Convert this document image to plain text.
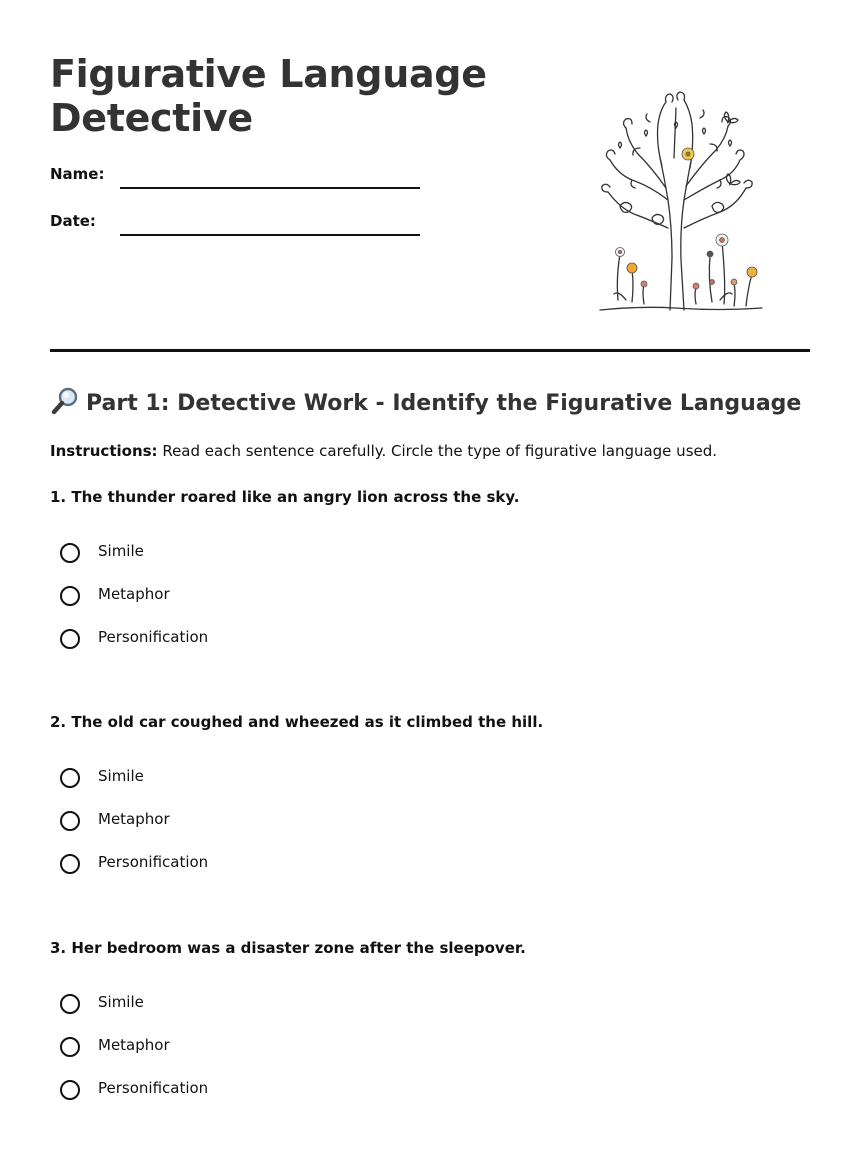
Figurative Language
Detective
Name:
Date:
Part 1: Detective Work - Identify the Figurative Language
Instructions: Read each sentence carefully. Circle the type of figurative language used.

1. The thunder roared like an angry lion across the sky.

Simile
Metaphor
Personification

2. The old car coughed and wheezed as it climbed the hill.

Simile
Metaphor
Personification

3. Her bedroom was a disaster zone after the sleepover.

Simile
Metaphor
Personification
